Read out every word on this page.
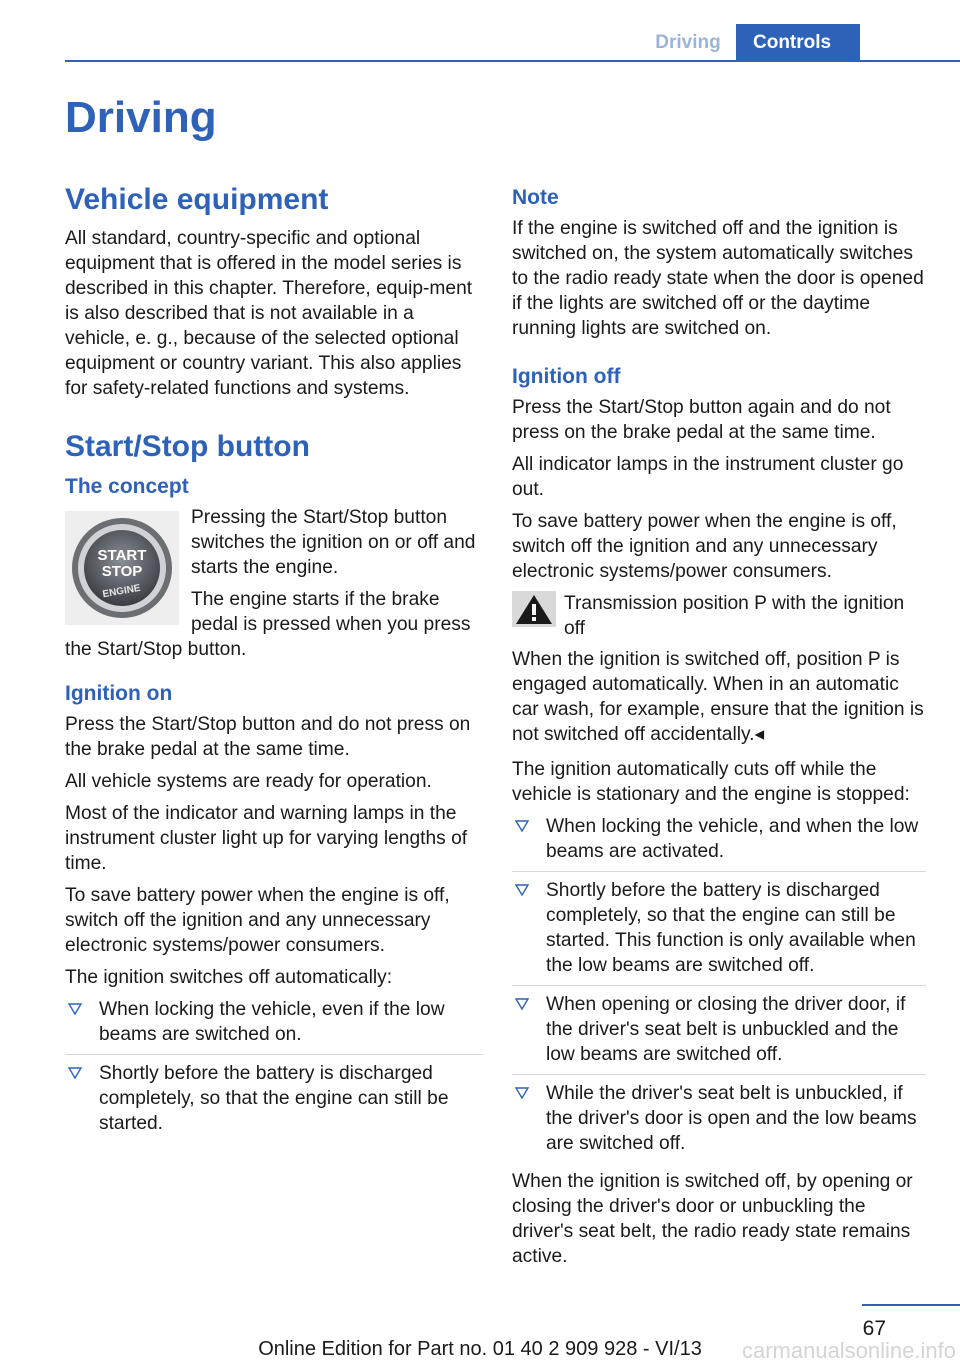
Driving	Controls
Driving
Vehicle equipment

All standard, country-specific and optional equipment that is offered in the model series is described in this chapter. Therefore, equip‐ment is also described that is not available in a vehicle, e. g., because of the selected optional equipment or country variant. This also applies for safety-related functions and systems.

Start/Stop button
The concept
START
STOP
ENGINE

Pressing the Start/Stop button switches the ignition on or off and starts the engine.

The engine starts if the brake pedal is pressed when you press the Start/Stop button.

Ignition on

Press the Start/Stop button and do not press on the brake pedal at the same time.

All vehicle systems are ready for operation.

Most of the indicator and warning lamps in the instrument cluster light up for varying lengths of time.

To save battery power when the engine is off, switch off the ignition and any unnecessary electronic systems/power consumers.

The ignition switches off automatically:

When locking the vehicle, even if the low beams are switched on.
Shortly before the battery is discharged completely, so that the engine can still be started.
Note

If the engine is switched off and the ignition is switched on, the system automatically switches to the radio ready state when the door is opened if the lights are switched off or the daytime running lights are switched on.

Ignition off

Press the Start/Stop button again and do not press on the brake pedal at the same time.

All indicator lamps in the instrument cluster go out.

To save battery power when the engine is off, switch off the ignition and any unnecessary electronic systems/power consumers.

Transmission position P with the ignition off

When the ignition is switched off, position P is engaged automatically. When in an automatic car wash, for example, ensure that the ignition is not switched off accidentally.◂

The ignition automatically cuts off while the vehicle is stationary and the engine is stopped:

When locking the vehicle, and when the low beams are activated.
Shortly before the battery is discharged completely, so that the engine can still be started. This function is only available when the low beams are switched off.
When opening or closing the driver door, if the driver's seat belt is unbuckled and the low beams are switched off.
While the driver's seat belt is unbuckled, if the driver's door is open and the low beams are switched off.

When the ignition is switched off, by opening or closing the driver's door or unbuckling the driver's seat belt, the radio ready state remains active.

67
Online Edition for Part no. 01 40 2 909 928 - VI/13	carmanualsonline.info
